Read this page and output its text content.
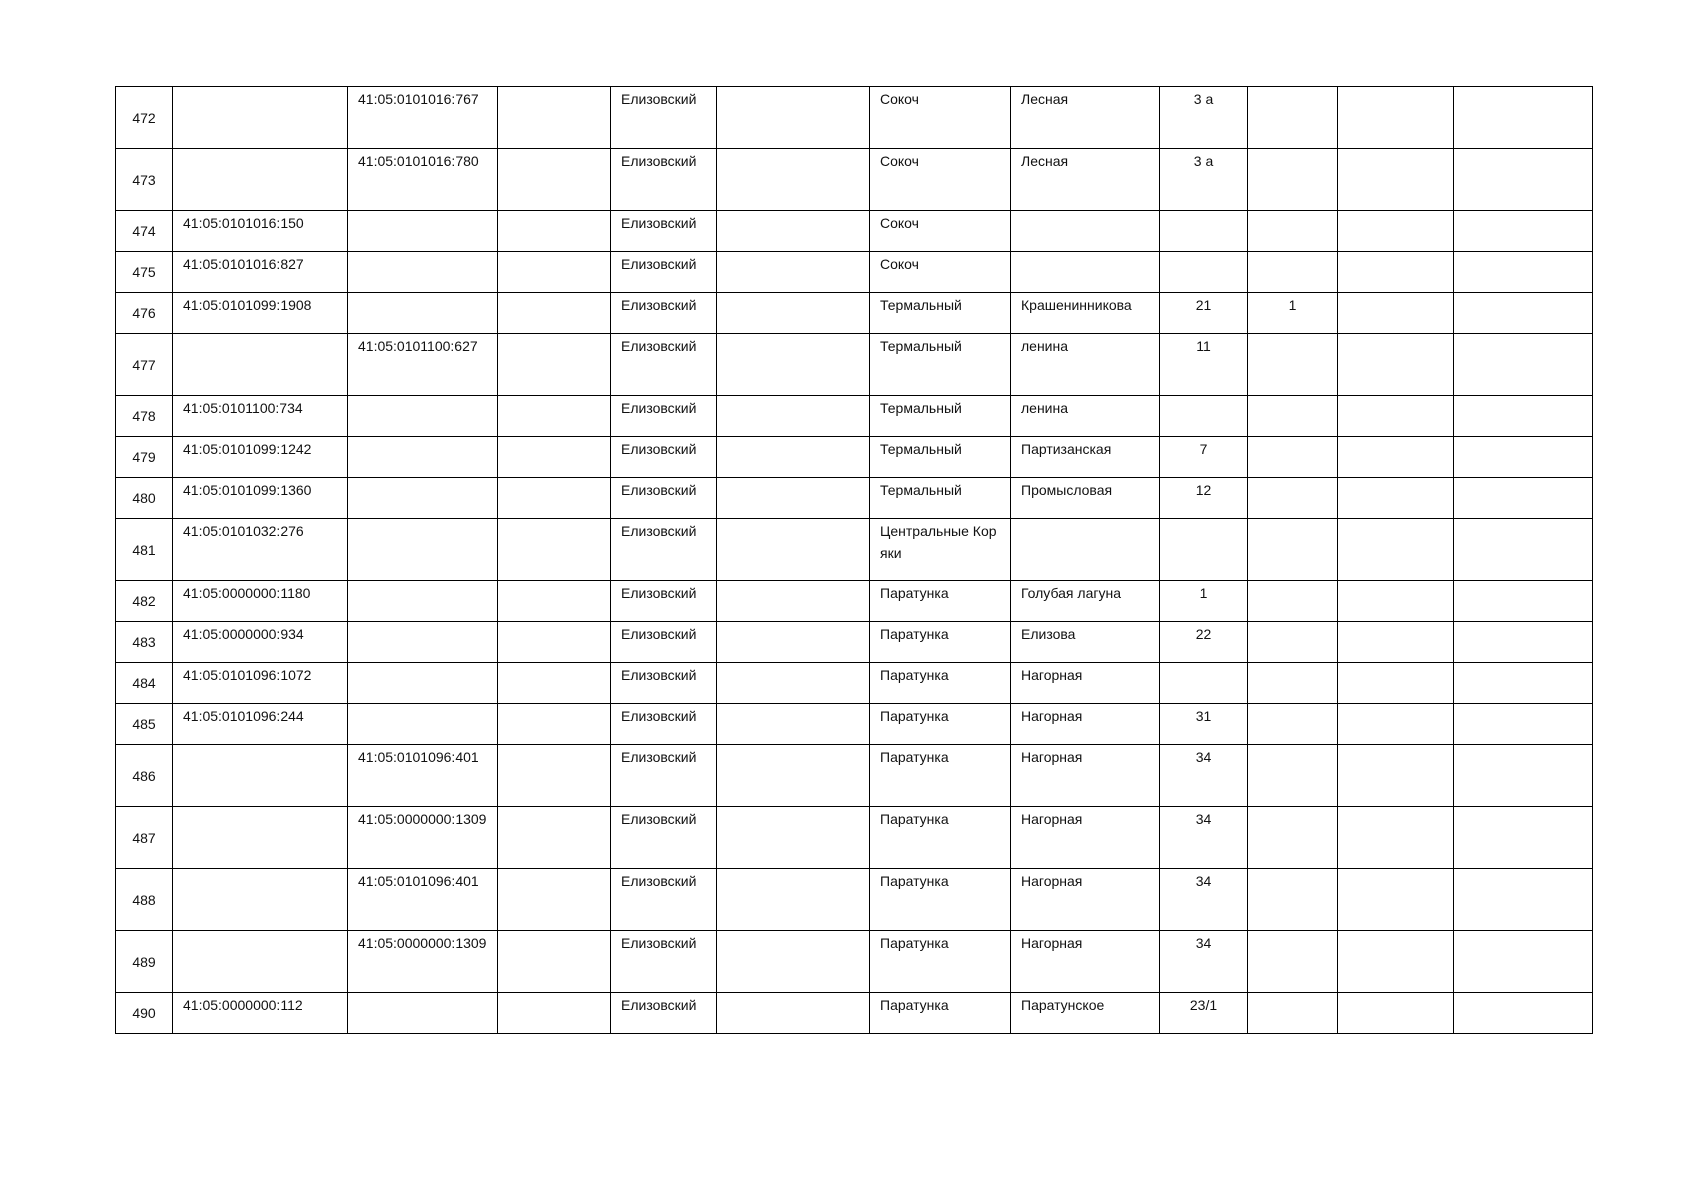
472		41:05:0101016:767		Елизовский		Сокоч	Лесная	3 а			
473		41:05:0101016:780		Елизовский		Сокоч	Лесная	3 а			
474	41:05:0101016:150			Елизовский		Сокоч					
475	41:05:0101016:827			Елизовский		Сокоч					
476	41:05:0101099:1908			Елизовский		Термальный	Крашенинникова	21	1		
477		41:05:0101100:627		Елизовский		Термальный	ленина	11			
478	41:05:0101100:734			Елизовский		Термальный	ленина				
479	41:05:0101099:1242			Елизовский		Термальный	Партизанская	7			
480	41:05:0101099:1360			Елизовский		Термальный	Промысловая	12			
481	41:05:0101032:276			Елизовский		Центральные Коряки					
482	41:05:0000000:1180			Елизовский		Паратунка	Голубая лагуна	1			
483	41:05:0000000:934			Елизовский		Паратунка	Елизова	22			
484	41:05:0101096:1072			Елизовский		Паратунка	Нагорная				
485	41:05:0101096:244			Елизовский		Паратунка	Нагорная	31			
486		41:05:0101096:401		Елизовский		Паратунка	Нагорная	34			
487		41:05:0000000:1309		Елизовский		Паратунка	Нагорная	34			
488		41:05:0101096:401		Елизовский		Паратунка	Нагорная	34			
489		41:05:0000000:1309		Елизовский		Паратунка	Нагорная	34			
490	41:05:0000000:112			Елизовский		Паратунка	Паратунское	23/1			
